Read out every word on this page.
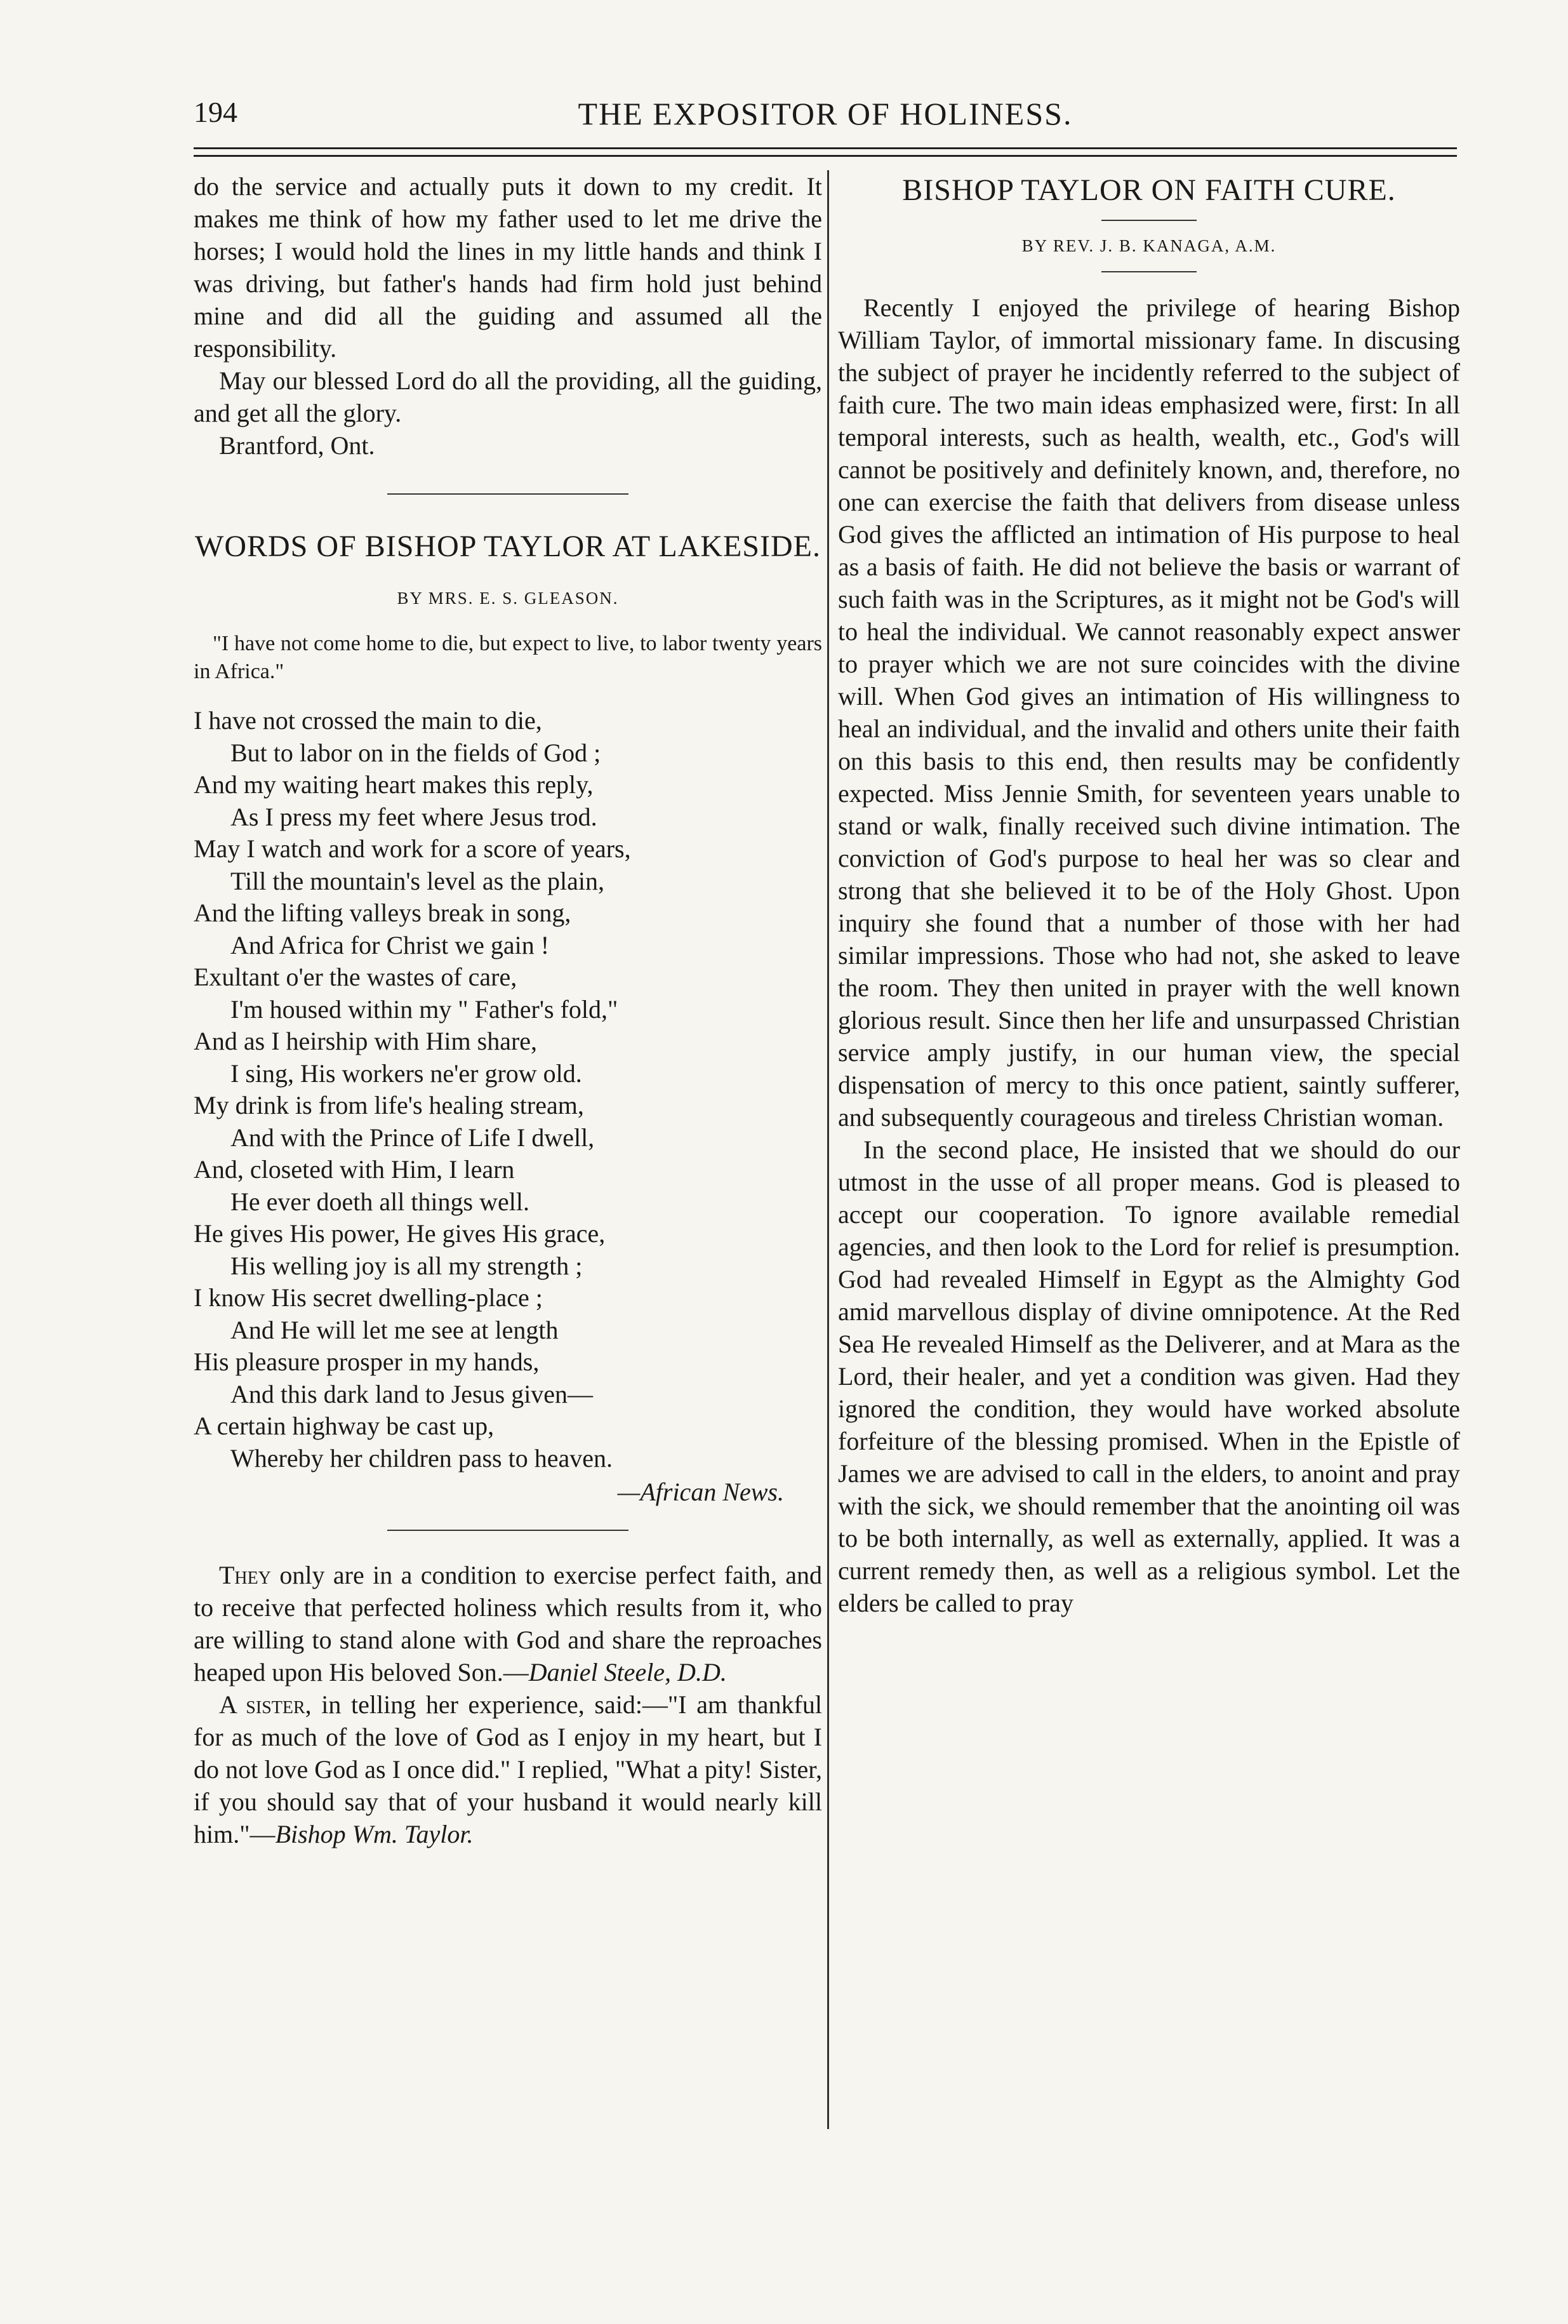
194	THE EXPOSITOR OF HOLINESS.

do the service and actually puts it down to my credit. It makes me think of how my father used to let me drive the horses; I would hold the lines in my little hands and think I was driving, but father's hands had firm hold just behind mine and did all the guiding and assumed all the responsibility.

May our blessed Lord do all the providing, all the guiding, and get all the glory.

Brantford, Ont.

WORDS OF BISHOP TAYLOR AT LAKESIDE.
BY MRS. E. S. GLEASON.
"I have not come home to die, but expect to live, to labor twenty years in Africa."
I have not crossed the main to die,
But to labor on in the fields of God ;
And my waiting heart makes this reply,
As I press my feet where Jesus trod.
May I watch and work for a score of years,
Till the mountain's level as the plain,
And the lifting valleys break in song,
And Africa for Christ we gain !
Exultant o'er the wastes of care,
I'm housed within my " Father's fold,"
And as I heirship with Him share,
I sing, His workers ne'er grow old.
My drink is from life's healing stream,
And with the Prince of Life I dwell,
And, closeted with Him, I learn
He ever doeth all things well.
He gives His power, He gives His grace,
His welling joy is all my strength ;
I know His secret dwelling-place ;
And He will let me see at length
His pleasure prosper in my hands,
And this dark land to Jesus given—
A certain highway be cast up,
Whereby her children pass to heaven.
—African News.

They only are in a condition to exercise perfect faith, and to receive that perfected holiness which results from it, who are willing to stand alone with God and share the reproaches heaped upon His beloved Son.—Daniel Steele, D.D.

A sister, in telling her experience, said:—"I am thankful for as much of the love of God as I enjoy in my heart, but I do not love God as I once did." I replied, "What a pity! Sister, if you should say that of your husband it would nearly kill him."—Bishop Wm. Taylor.

BISHOP TAYLOR ON FAITH CURE.
BY REV. J. B. KANAGA, A.M.

Recently I enjoyed the privilege of hearing Bishop William Taylor, of immortal missionary fame. In discusing the subject of prayer he incidently referred to the subject of faith cure. The two main ideas emphasized were, first: In all temporal interests, such as health, wealth, etc., God's will cannot be positively and definitely known, and, therefore, no one can exercise the faith that delivers from disease unless God gives the afflicted an intimation of His purpose to heal as a basis of faith. He did not believe the basis or warrant of such faith was in the Scriptures, as it might not be God's will to heal the individual. We cannot reasonably expect answer to prayer which we are not sure coincides with the divine will. When God gives an intimation of His willingness to heal an individual, and the invalid and others unite their faith on this basis to this end, then results may be confidently expected. Miss Jennie Smith, for seventeen years unable to stand or walk, finally received such divine intimation. The conviction of God's purpose to heal her was so clear and strong that she believed it to be of the Holy Ghost. Upon inquiry she found that a number of those with her had similar impressions. Those who had not, she asked to leave the room. They then united in prayer with the well known glorious result. Since then her life and unsurpassed Christian service amply justify, in our human view, the special dispensation of mercy to this once patient, saintly sufferer, and subsequently courageous and tireless Christian woman.

In the second place, He insisted that we should do our utmost in the usse of all proper means. God is pleased to accept our cooperation. To ignore available remedial agencies, and then look to the Lord for relief is presumption. God had revealed Himself in Egypt as the Almighty God amid marvellous display of divine omnipotence. At the Red Sea He revealed Himself as the Deliverer, and at Mara as the Lord, their healer, and yet a condition was given. Had they ignored the condition, they would have worked absolute forfeiture of the blessing promised. When in the Epistle of James we are advised to call in the elders, to anoint and pray with the sick, we should remember that the anointing oil was to be both internally, as well as externally, applied. It was a current remedy then, as well as a religious symbol. Let the elders be called to pray
